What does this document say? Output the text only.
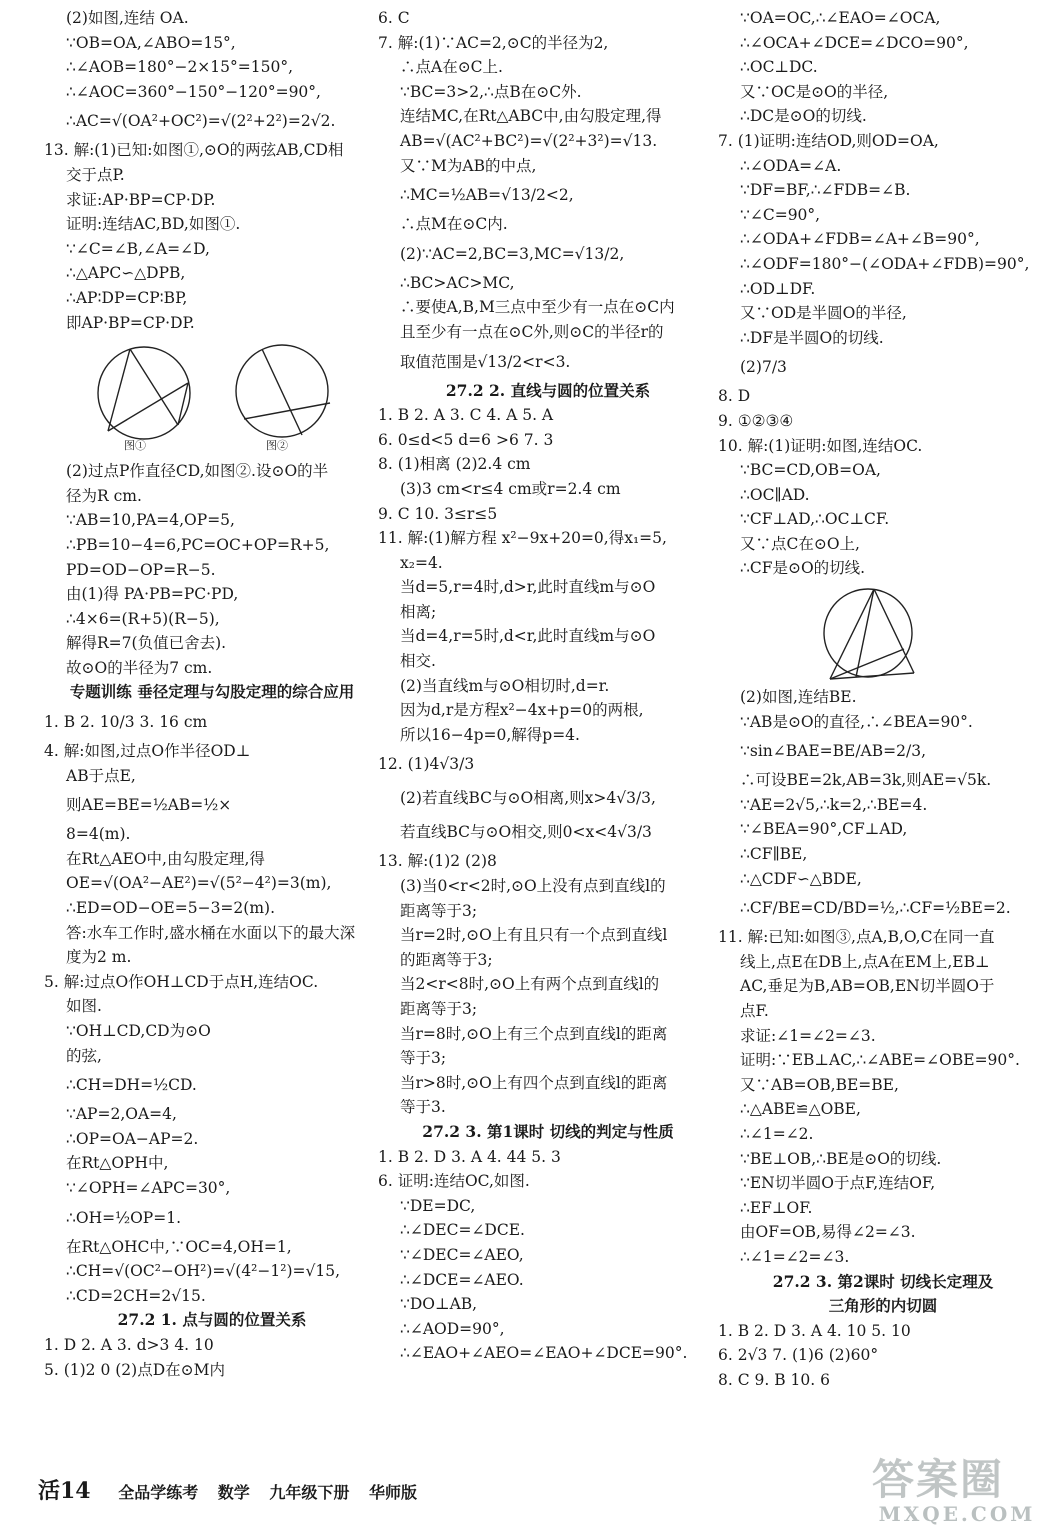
(2)如图,连结 OA.
∵OB=OA,∠ABO=15°,
∴∠AOB=180°−2×15°=150°,
∴∠AOC=360°−150°−120°=90°,
∴AC=√(OA²+OC²)=√(2²+2²)=2√2.
13. 解:(1)已知:如图①,⊙O的两弦AB,CD相
交于点P.
求证:AP·BP=CP·DP.
证明:连结AC,BD,如图①.
∵∠C=∠B,∠A=∠D,
∴△APC∽△DPB,
∴AP∶DP=CP∶BP,
即AP·BP=CP·DP.
图①	图②
(2)过点P作直径CD,如图②.设⊙O的半
径为R cm.
∵AB=10,PA=4,OP=5,
∴PB=10−4=6,PC=OC+OP=R+5,
PD=OD−OP=R−5.
由(1)得 PA·PB=PC·PD,
∴4×6=(R+5)(R−5),
解得R=7(负值已舍去).
故⊙O的半径为7 cm.
专题训练 垂径定理与勾股定理的综合应用
1. B 2. 10/3 3. 16 cm
4. 解:如图,过点O作半径OD⊥
AB于点E,
则AE=BE=½AB=½×
8=4(m).
在Rt△AEO中,由勾股定理,得
OE=√(OA²−AE²)=√(5²−4²)=3(m),
∴ED=OD−OE=5−3=2(m).
答:水车工作时,盛水桶在水面以下的最大深
度为2 m.
5. 解:过点O作OH⊥CD于点H,连结OC.
如图.
∵OH⊥CD,CD为⊙O
的弦,
∴CH=DH=½CD.
∵AP=2,OA=4,
∴OP=OA−AP=2.
在Rt△OPH中,
∵∠OPH=∠APC=30°,
∴OH=½OP=1.
在Rt△OHC中,∵OC=4,OH=1,
∴CH=√(OC²−OH²)=√(4²−1²)=√15,
∴CD=2CH=2√15.
27.2 1. 点与圆的位置关系
1. D 2. A 3. d>3 4. 10
5. (1)2 0 (2)点D在⊙M内
6. C
7. 解:(1)∵AC=2,⊙C的半径为2,
∴点A在⊙C上.
∵BC=3>2,∴点B在⊙C外.
连结MC,在Rt△ABC中,由勾股定理,得
AB=√(AC²+BC²)=√(2²+3²)=√13.
又∵M为AB的中点,
∴MC=½AB=√13/2<2,
∴点M在⊙C内.
(2)∵AC=2,BC=3,MC=√13/2,
∴BC>AC>MC,
∴要使A,B,M三点中至少有一点在⊙C内
且至少有一点在⊙C外,则⊙C的半径r的
取值范围是√13/2<r<3.
27.2 2. 直线与圆的位置关系
1. B 2. A 3. C 4. A 5. A
6. 0≤d<5 d=6 >6 7. 3
8. (1)相离 (2)2.4 cm
(3)3 cm<r≤4 cm或r=2.4 cm
9. C 10. 3≤r≤5
11. 解:(1)解方程 x²−9x+20=0,得x₁=5,
x₂=4.
当d=5,r=4时,d>r,此时直线m与⊙O
相离;
当d=4,r=5时,d<r,此时直线m与⊙O
相交.
(2)当直线m与⊙O相切时,d=r.
因为d,r是方程x²−4x+p=0的两根,
所以16−4p=0,解得p=4.
12. (1)4√3/3
(2)若直线BC与⊙O相离,则x>4√3/3,
若直线BC与⊙O相交,则0<x<4√3/3
13. 解:(1)2 (2)8
(3)当0<r<2时,⊙O上没有点到直线l的
距离等于3;
当r=2时,⊙O上有且只有一个点到直线l
的距离等于3;
当2<r<8时,⊙O上有两个点到直线l的
距离等于3;
当r=8时,⊙O上有三个点到直线l的距离
等于3;
当r>8时,⊙O上有四个点到直线l的距离
等于3.
27.2 3. 第1课时 切线的判定与性质
1. B 2. D 3. A 4. 44 5. 3
6. 证明:连结OC,如图.
∵DE=DC,
∴∠DEC=∠DCE.
∵∠DEC=∠AEO,
∴∠DCE=∠AEO.
∵DO⊥AB,
∴∠AOD=90°,
∴∠EAO+∠AEO=∠EAO+∠DCE=90°.
∵OA=OC,∴∠EAO=∠OCA,
∴∠OCA+∠DCE=∠DCO=90°,
∴OC⊥DC.
又∵OC是⊙O的半径,
∴DC是⊙O的切线.
7. (1)证明:连结OD,则OD=OA,
∴∠ODA=∠A.
∵DF=BF,∴∠FDB=∠B.
∵∠C=90°,
∴∠ODA+∠FDB=∠A+∠B=90°,
∴∠ODF=180°−(∠ODA+∠FDB)=90°,
∴OD⊥DF.
又∵OD是半圆O的半径,
∴DF是半圆O的切线.
(2)7/3
8. D
9. ①②③④
10. 解:(1)证明:如图,连结OC.
∵BC=CD,OB=OA,
∴OC∥AD.
∵CF⊥AD,∴OC⊥CF.
又∵点C在⊙O上,
∴CF是⊙O的切线.
(2)如图,连结BE.
∵AB是⊙O的直径,∴∠BEA=90°.
∵sin∠BAE=BE/AB=2/3,
∴可设BE=2k,AB=3k,则AE=√5k.
∵AE=2√5,∴k=2,∴BE=4.
∵∠BEA=90°,CF⊥AD,
∴CF∥BE,
∴△CDF∽△BDE,
∴CF/BE=CD/BD=½,∴CF=½BE=2.
11. 解:已知:如图③,点A,B,O,C在同一直
线上,点E在DB上,点A在EM上,EB⊥
AC,垂足为B,AB=OB,EN切半圆O于
点F.
求证:∠1=∠2=∠3.
证明:∵EB⊥AC,∴∠ABE=∠OBE=90°.
又∵AB=OB,BE=BE,
∴△ABE≌△OBE,
∴∠1=∠2.
∵BE⊥OB,∴BE是⊙O的切线.
∵EN切半圆O于点F,连结OF,
∴EF⊥OF.
由OF=OB,易得∠2=∠3.
∴∠1=∠2=∠3.
27.2 3. 第2课时 切线长定理及
三角形的内切圆
1. B 2. D 3. A 4. 10 5. 10
6. 2√3 7. (1)6 (2)60°
8. C 9. B 10. 6
活14 全品学练考 数学 九年级下册 华师版	答案圈
MXQE.COM
